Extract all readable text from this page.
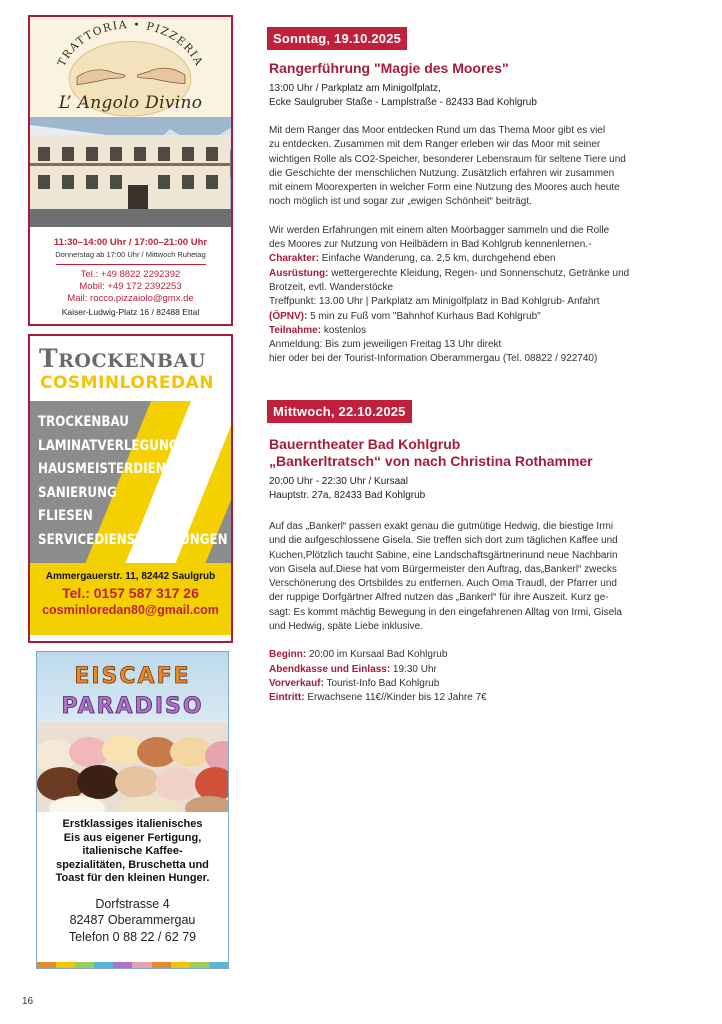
TRATTORIA • PIZZERIA
L’ Angolo Divino
11:30–14:00 Uhr / 17:00–21:00 Uhr
Donnerstag ab 17:00 Uhr / Mittwoch Ruhetag
Tel.: +49 8822 2292392
Mobil: +49 172 2392253
Mail: rocco.pizzaiolo@gmx.de
Kaiser-Ludwig-Platz 16 / 82488 Ettal
TROCKENBAU
COSMINLOREDAN
TROCKENBAU
LAMINATVERLEGUNG
HAUSMEISTERDIENST
SANIERUNG
FLIESEN
SERVICEDIENSTLEISTUNGEN
Ammergauerstr. 11, 82442 Saulgrub
Tel.: 0157 587 317 26
cosminloredan80@gmail.com
EISCAFE
PARADISO
Erstklassiges italienisches
Eis aus eigener Fertigung,
italienische Kaffee-
spezialitäten, Bruschetta und
Toast für den kleinen Hunger.
Dorfstrasse 4
82487 Oberammergau
Telefon 0 88 22 / 62 79
16
Sonntag, 19.10.2025
Rangerführung "Magie des Moores"
13:00 Uhr / Parkplatz am Minigolfplatz,
Ecke Saulgruber Staße - Lamplstraße - 82433 Bad Kohlgrub
Mit dem Ranger das Moor entdecken Rund um das Thema Moor gibt es viel
zu entdecken. Zusammen mit dem Ranger erleben wir das Moor mit seiner
wichtigen Rolle als CO2-Speicher, besonderer Lebensraum für seltene Tiere und
die Geschichte der menschlichen Nutzung. Zusätzlich erfahren wir zusammen
mit einem Moorexperten in welcher Form eine Nutzung des Moores auch heute
noch möglich ist und sogar zur „ewigen Schönheit“ beiträgt.
Wir werden Erfahrungen mit einem alten Moorbagger sammeln und die Rolle
des Moores zur Nutzung von Heilbädern in Bad Kohlgrub kennenlernen.-
Charakter: Einfache Wanderung, ca. 2,5 km, durchgehend eben
Ausrüstung: wettergerechte Kleidung, Regen- und Sonnenschutz, Getränke und
Brotzeit, evtl. Wanderstöcke
Treffpunkt: 13.00 Uhr | Parkplatz am Minigolfplatz in Bad Kohlgrub- Anfahrt
(ÖPNV): 5 min zu Fuß vom "Bahnhof Kurhaus Bad Kohlgrub"
Teilnahme: kostenlos
Anmeldung: Bis zum jeweiligen Freitag 13 Uhr direkt
hier oder bei der Tourist-Information Oberammergau (Tel. 08822 / 922740)
Mittwoch, 22.10.2025
Bauerntheater Bad Kohlgrub
„Bankerltratsch“ von nach Christina Rothammer
20:00 Uhr - 22:30 Uhr / Kursaal
Hauptstr. 27a, 82433 Bad Kohlgrub
Auf das „Bankerl“ passen exakt genau die gutmütige Hedwig, die biestige Irmi
und die aufgeschlossene Gisela. Sie treffen sich dort zum täglichen Kaffee und
Kuchen,Plötzlich taucht Sabine, eine Landschaftsgärtnerinund neue Nachbarin
von Gisela auf.Diese hat vom Bürgermeister den Auftrag, das„Bankerl“ zwecks
Verschönerung des Ortsbildes zu entfernen. Auch Oma Traudl, der Pfarrer und
der ruppige Dorfgärtner Alfred nutzen das „Bankerl“ für ihre Auszeit. Kurz ge-
sagt: Es kommt mächtig Bewegung in den eingefahrenen Alltag von Irmi, Gisela
und Hedwig, späte Liebe inklusive.
Beginn: 20:00 im Kursaal Bad Kohlgrub
Abendkasse und Einlass: 19:30 Uhr
Vorverkauf: Tourist-Info Bad Kohlgrub
Eintritt: Erwachsene 11€//Kinder bis 12 Jahre 7€
